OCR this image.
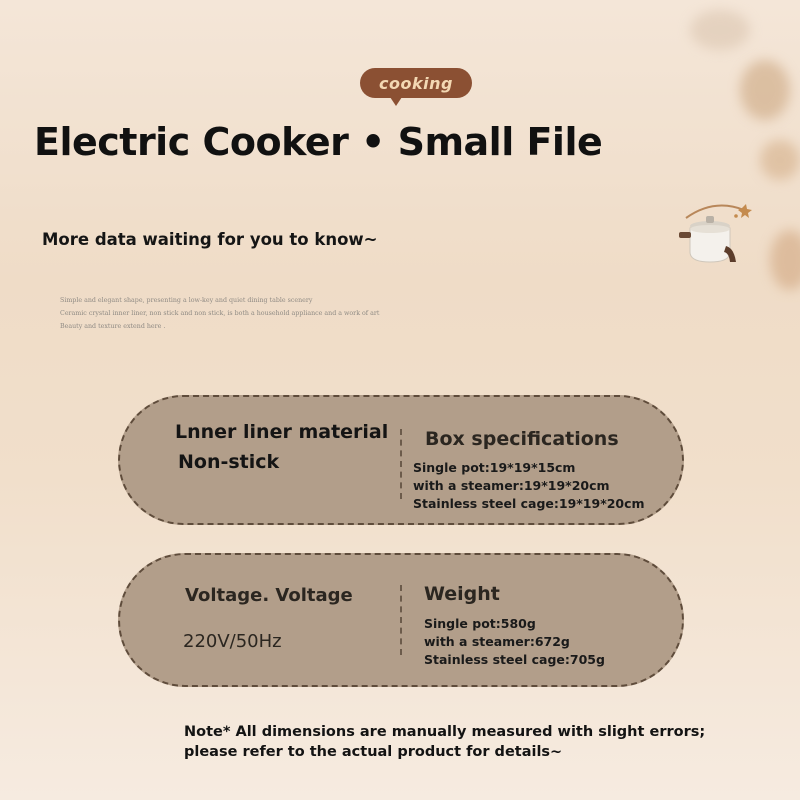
cooking
Electric Cooker • Small File
More data waiting for you to know~
Simple and elegant shape, presenting a low-key and quiet dining table scenery
Ceramic crystal inner liner, non stick and non stick, is both a household appliance and a work of art
Beauty and texture extend here .
Lnner liner material
Non-stick
Box specifications
Single pot:19*19*15cm
with a steamer:19*19*20cm
Stainless steel cage:19*19*20cm
Voltage. Voltage
220V/50Hz
Weight
Single pot:580g
with a steamer:672g
Stainless steel cage:705g
Note* All dimensions are manually measured with slight errors;
please refer to the actual product for details~
